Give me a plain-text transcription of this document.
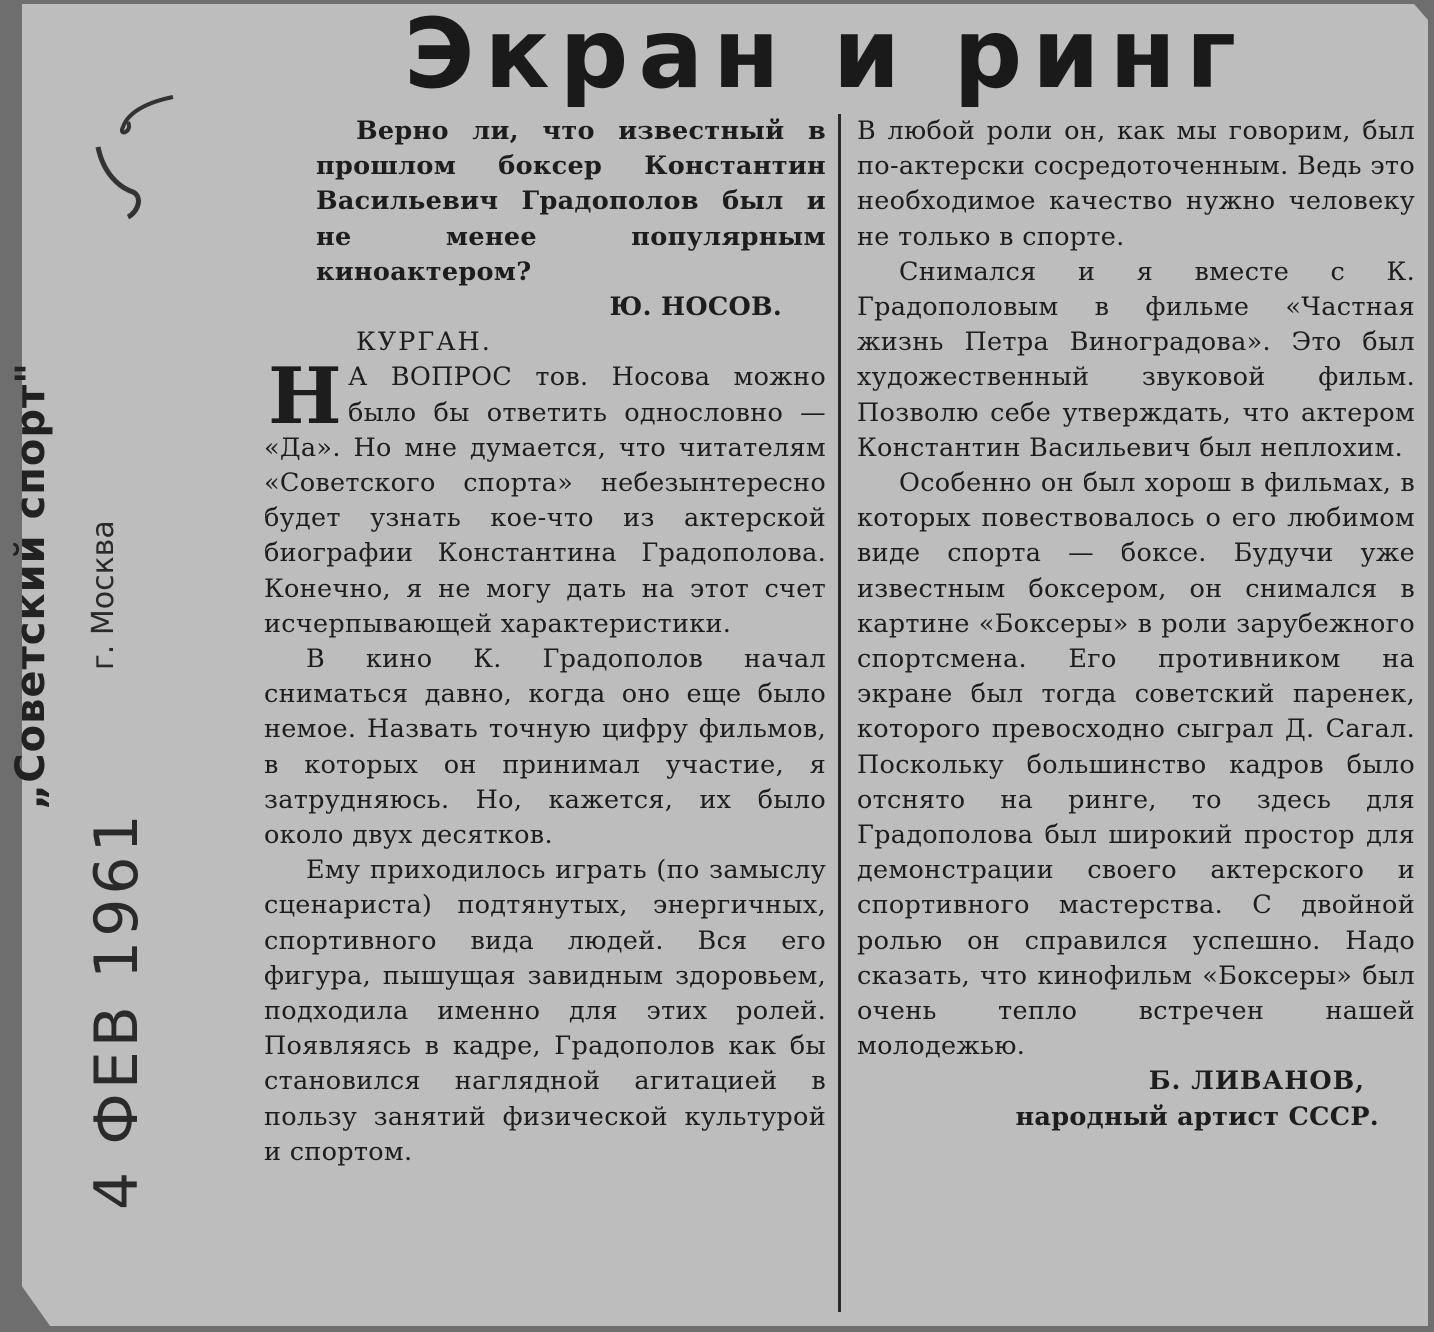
„Советский спорт" г. Москва
4 ФЕВ 1961
Экран и ринг

Верно ли, что известный в прошлом боксер Константин Васильевич Градополов был и не менее популярным киноактером?

Ю. НОСОВ.

КУРГАН.

Н А ВОПРОС тов. Носова можно было бы ответить однословно — «Да». Но мне думается, что читателям «Советского спорта» небезынтересно будет узнать кое-что из актерской биографии Константина Градополова. Конечно, я не могу дать на этот счет исчерпывающей характеристики.

В кино К. Градополов начал сниматься давно, когда оно еще было немое. Назвать точную цифру фильмов, в которых он принимал участие, я затрудняюсь. Но, кажется, их было около двух десятков.

Ему приходилось играть (по замыслу сценариста) подтянутых, энергичных, спортивного вида людей. Вся его фигура, пышущая завидным здоровьем, подходила именно для этих ролей. Появляясь в кадре, Градополов как бы становился наглядной агитацией в пользу занятий физической культурой и спортом.

В любой роли он, как мы говорим, был по-актерски сосредоточенным. Ведь это необходимое качество нужно человеку не только в спорте.

Снимался и я вместе с К. Градополовым в фильме «Частная жизнь Петра Виноградова». Это был художественный звуковой фильм. Позволю себе утверждать, что актером Константин Васильевич был неплохим.

Особенно он был хорош в фильмах, в которых повествовалось о его любимом виде спорта — боксе. Будучи уже известным боксером, он снимался в картине «Боксеры» в роли зарубежного спортсмена. Его противником на экране был тогда советский паренек, которого превосходно сыграл Д. Сагал. Поскольку большинство кадров было отснято на ринге, то здесь для Градополова был широкий простор для демонстрации своего актерского и спортивного мастерства. С двойной ролью он справился успешно. Надо сказать, что кинофильм «Боксеры» был очень тепло встречен нашей молодежью.

Б. ЛИВАНОВ,

народный артист СССР.
